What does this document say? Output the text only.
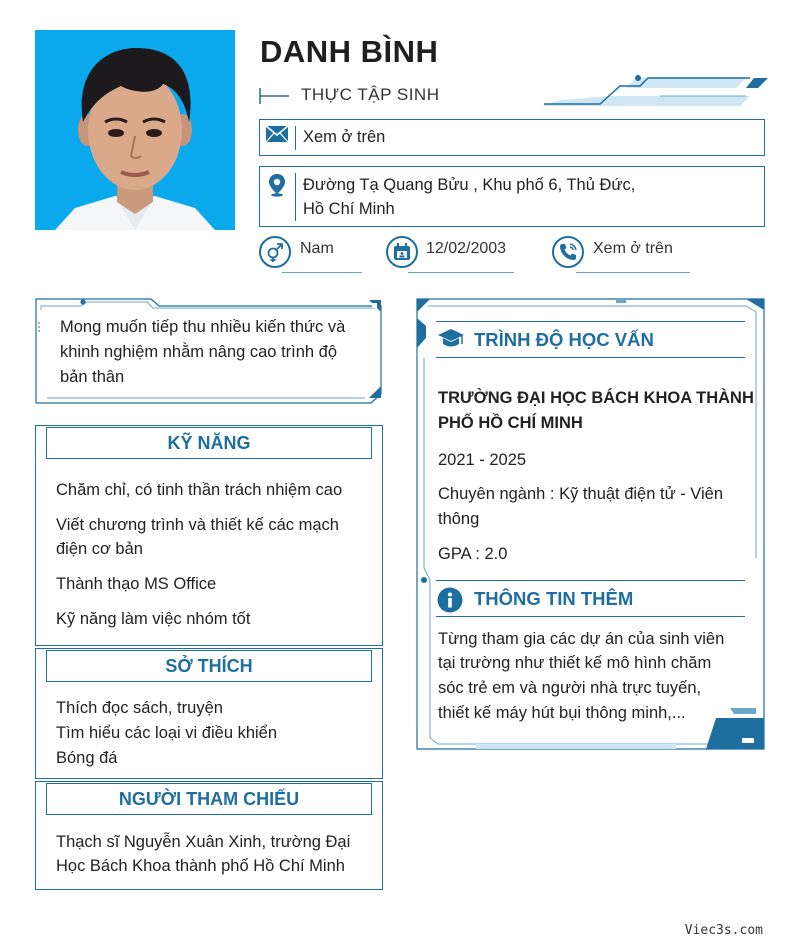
DANH BÌNH
THỰC TẬP SINH
Xem ở trên
Đường Tạ Quang Bửu , Khu phố 6, Thủ Đức,
Hồ Chí Minh
Nam	12/02/2003	Xem ở trên
Mong muốn tiếp thu nhiều kiến thức và
khinh nghiệm nhằm nâng cao trình độ
bản thân
KỸ NĂNG
Chăm chỉ, có tinh thần trách nhiệm cao
Viết chương trình và thiết kế các mạch
điện cơ bản
Thành thạo MS Office
Kỹ năng làm việc nhóm tốt
SỞ THÍCH
Thích đọc sách, truyện
Tìm hiểu các loại vi điều khiển
Bóng đá
NGƯỜI THAM CHIẾU
Thạch sĩ Nguyễn Xuân Xinh, trường Đại
Học Bách Khoa thành phố Hồ Chí Minh
TRÌNH ĐỘ HỌC VẤN
TRƯỜNG ĐẠI HỌC BÁCH KHOA THÀNH
PHỐ HỒ CHÍ MINH
2021 - 2025
Chuyên ngành : Kỹ thuật điện tử - Viên
thông
GPA : 2.0
THÔNG TIN THÊM
Từng tham gia các dự án của sinh viên
tại trường như thiết kế mô hình chăm
sóc trẻ em và người nhà trực tuyến,
thiết kế máy hút bụi thông minh,...
Viec3s.com
